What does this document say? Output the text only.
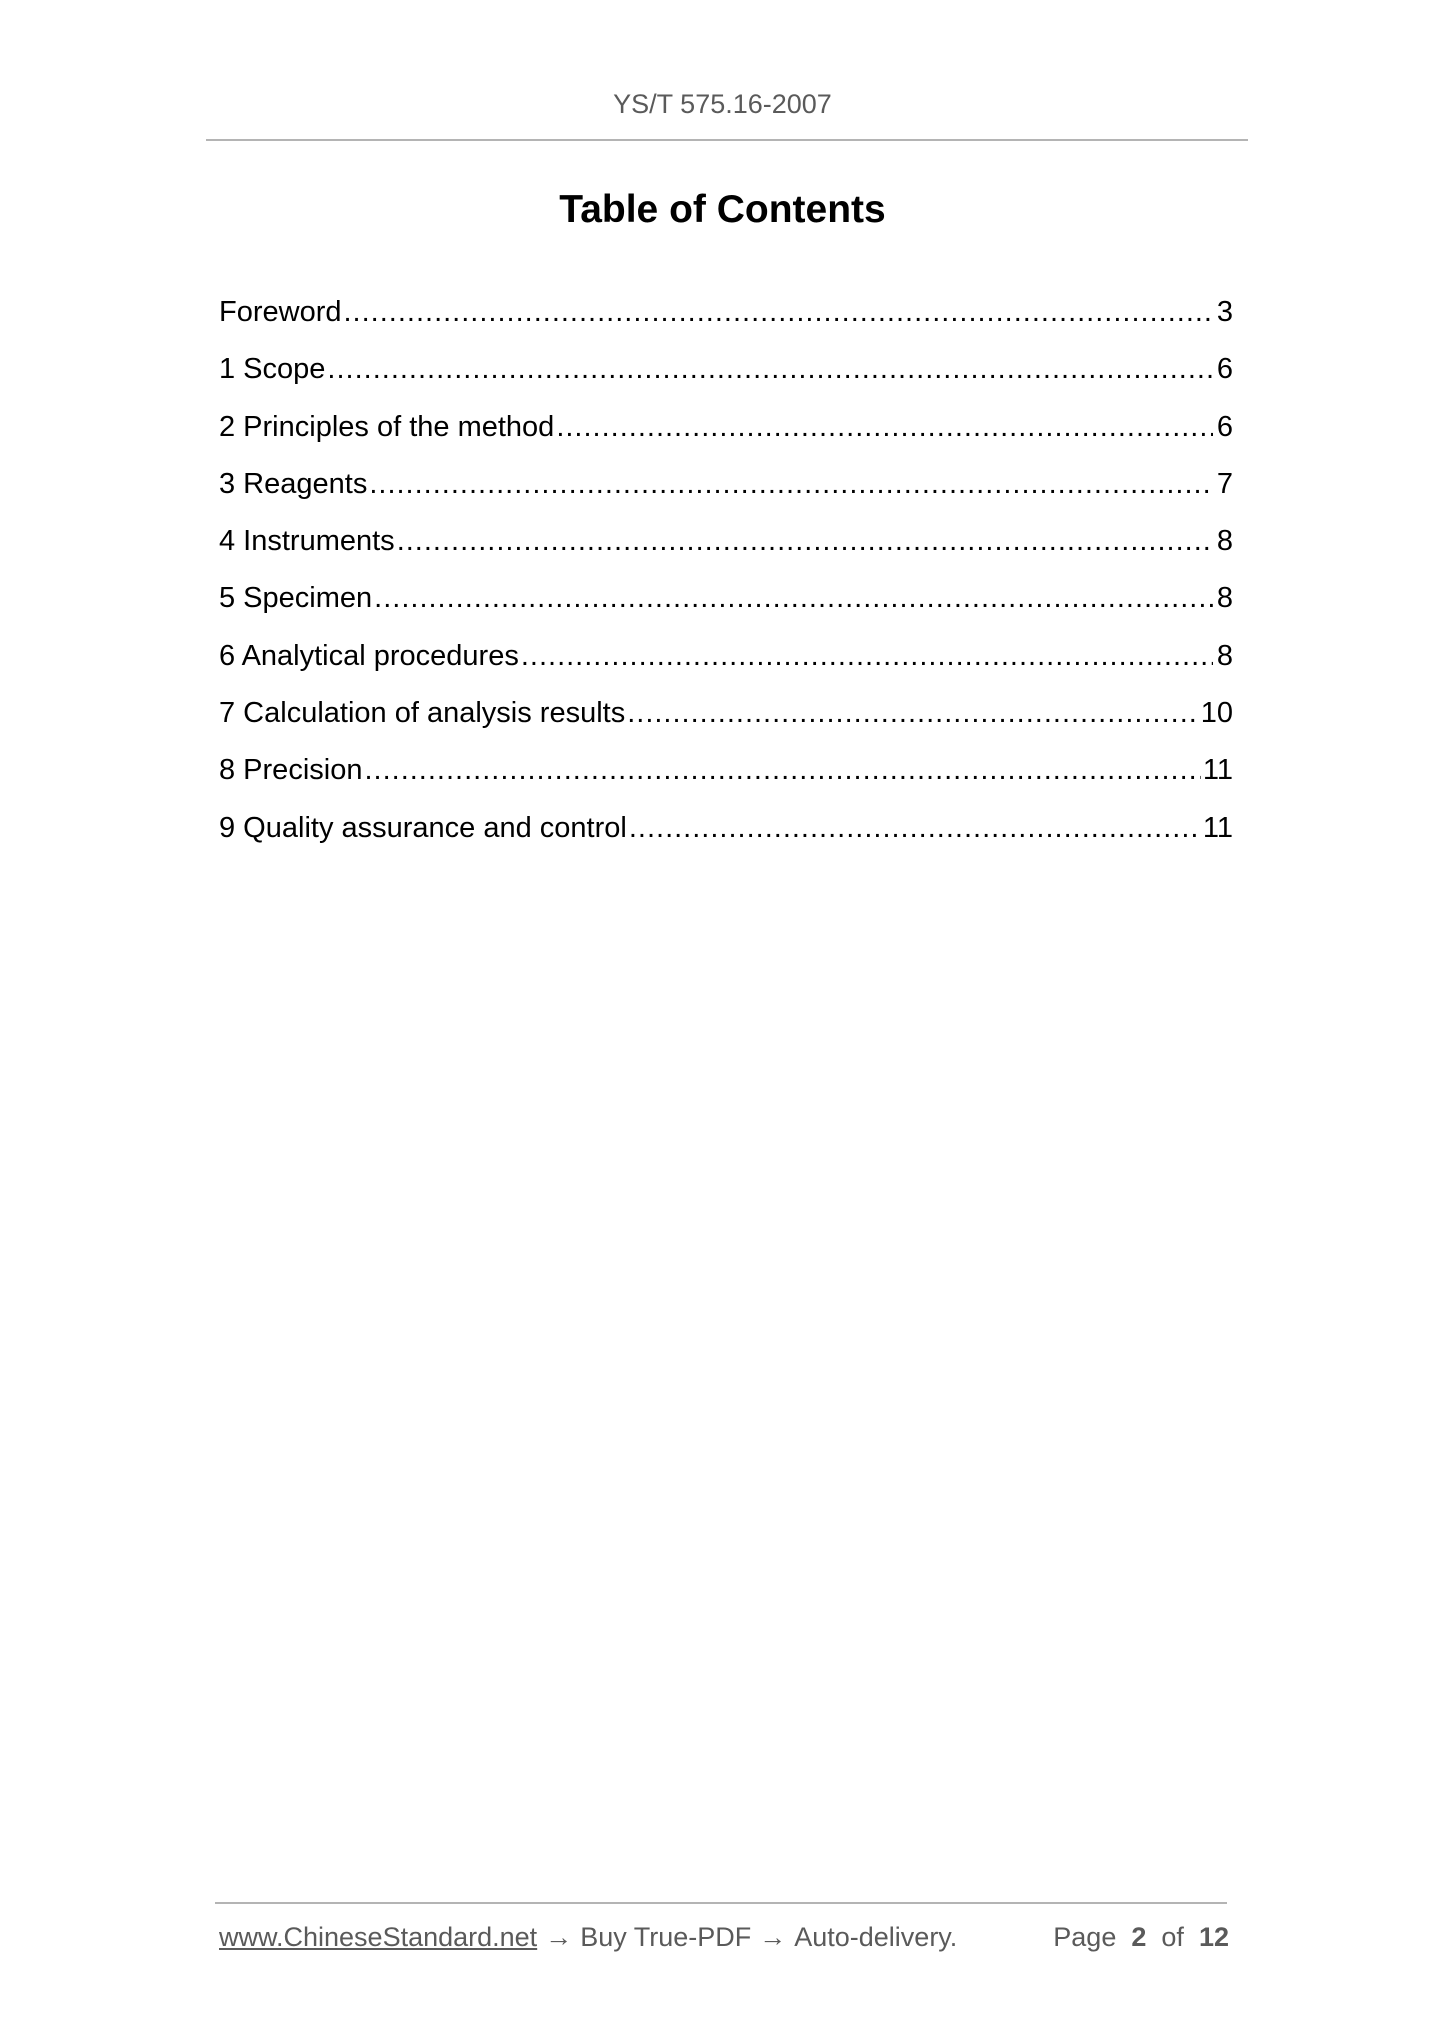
YS/T 575.16-2007
Table of Contents
Foreword .....	3
1 Scope .....	6
2 Principles of the method .....	6
3 Reagents .....	7
4 Instruments .....	8
5 Specimen .....	8
6 Analytical procedures .....	8
7 Calculation of analysis results .....	10
8 Precision .....	11
9 Quality assurance and control .....	11
www.ChineseStandard.net → Buy True-PDF → Auto-delivery.	Page 2 of 12
